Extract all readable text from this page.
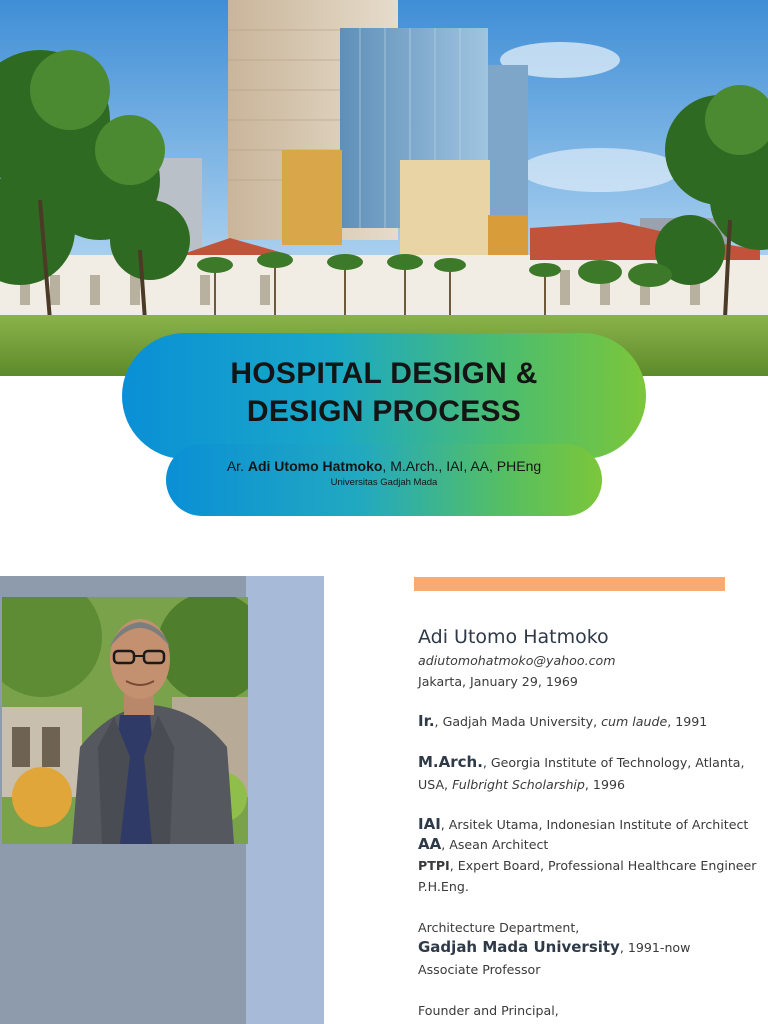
HOSPITAL DESIGN &
DESIGN PROCESS
Ar. Adi Utomo Hatmoko, M.Arch., IAI, AA, PHEng
Universitas Gadjah Mada
Adi Utomo Hatmoko
adiutomohatmoko@yahoo.com
Jakarta, January 29, 1969
Ir., Gadjah Mada University, cum laude, 1991
M.Arch., Georgia Institute of Technology, Atlanta,
USA, Fulbright Scholarship, 1996
IAI, Arsitek Utama, Indonesian Institute of Architect
AA, Asean Architect
PTPI, Expert Board, Professional Healthcare Engineer
P.H.Eng.
Architecture Department,
Gadjah Mada University, 1991-now
Associate Professor
Founder and Principal,
